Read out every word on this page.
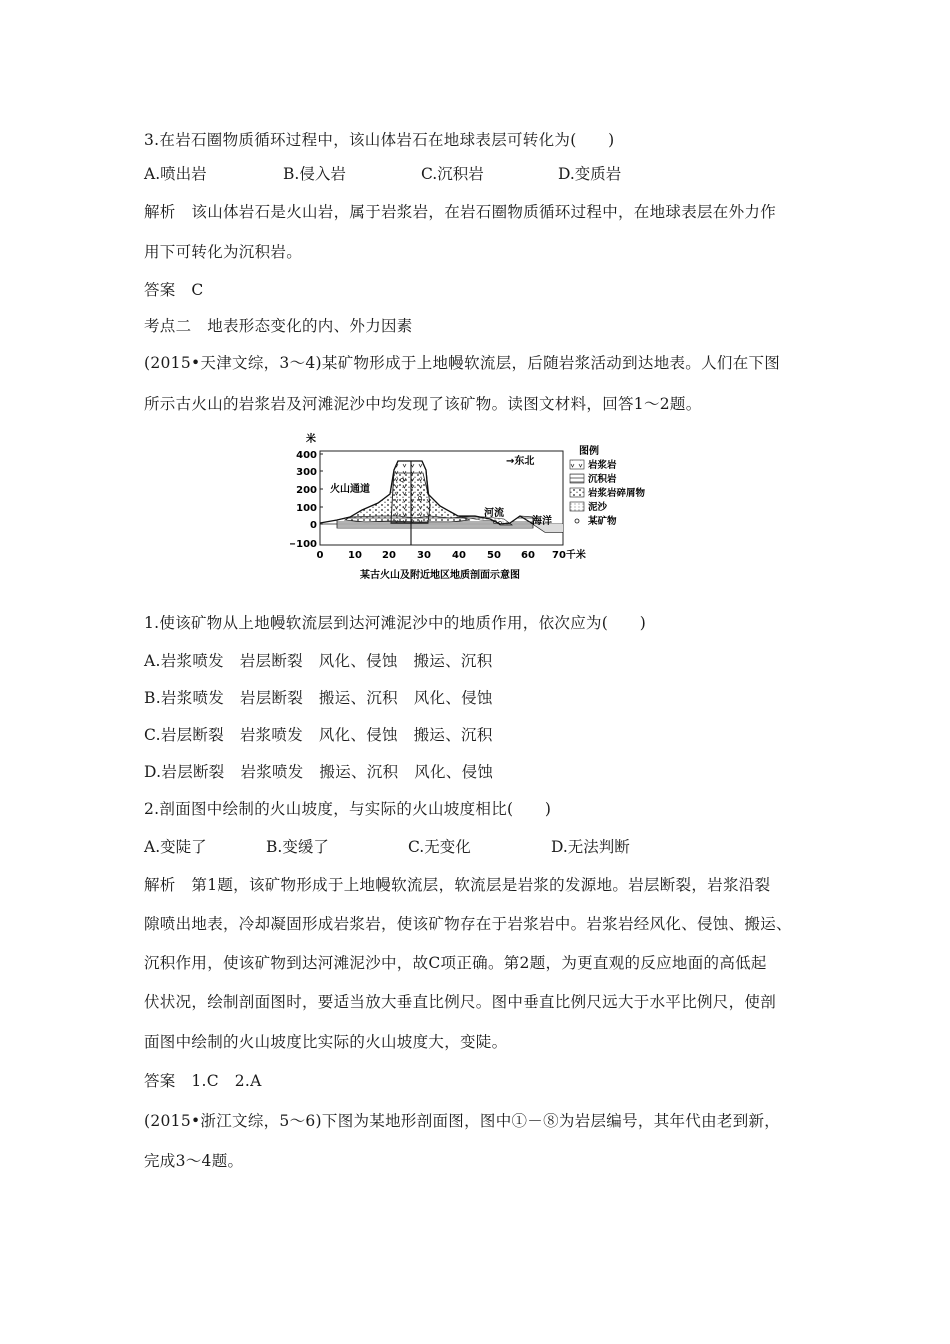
3.在岩石圈物质循环过程中，该山体岩石在地球表层可转化为(　　)
A.喷出岩	B.侵入岩	C.沉积岩	D.变质岩
解析　该山体岩石是火山岩，属于岩浆岩，在岩石圈物质循环过程中，在地球表层在外力作
用下可转化为沉积岩。
答案　C
考点二　地表形态变化的内、外力因素
(2015•天津文综，3～4)某矿物形成于上地幔软流层，后随岩浆活动到达地表。人们在下图
所示古火山的岩浆岩及河滩泥沙中均发现了该矿物。读图文材料，回答1～2题。
米
400
300
200
100
0
−100
0 10 20 30 40 50 60 70千米
→东北
火山通道
河流
海洋
图例
岩浆岩
沉积岩
岩浆岩碎屑物
泥沙
某矿物
某古火山及附近地区地质剖面示意图
1.使该矿物从上地幔软流层到达河滩泥沙中的地质作用，依次应为(　　)
A.岩浆喷发　岩层断裂　风化、侵蚀　搬运、沉积
B.岩浆喷发　岩层断裂　搬运、沉积　风化、侵蚀
C.岩层断裂　岩浆喷发　风化、侵蚀　搬运、沉积
D.岩层断裂　岩浆喷发　搬运、沉积　风化、侵蚀
2.剖面图中绘制的火山坡度，与实际的火山坡度相比(　　)
A.变陡了	B.变缓了	C.无变化	D.无法判断
解析　第1题，该矿物形成于上地幔软流层，软流层是岩浆的发源地。岩层断裂，岩浆沿裂
隙喷出地表，冷却凝固形成岩浆岩，使该矿物存在于岩浆岩中。岩浆岩经风化、侵蚀、搬运、
沉积作用，使该矿物到达河滩泥沙中，故C项正确。第2题，为更直观的反应地面的高低起
伏状况，绘制剖面图时，要适当放大垂直比例尺。图中垂直比例尺远大于水平比例尺，使剖
面图中绘制的火山坡度比实际的火山坡度大，变陡。
答案　1.C　2.A
(2015•浙江文综，5～6)下图为某地形剖面图，图中①－⑧为岩层编号，其年代由老到新，
完成3～4题。
